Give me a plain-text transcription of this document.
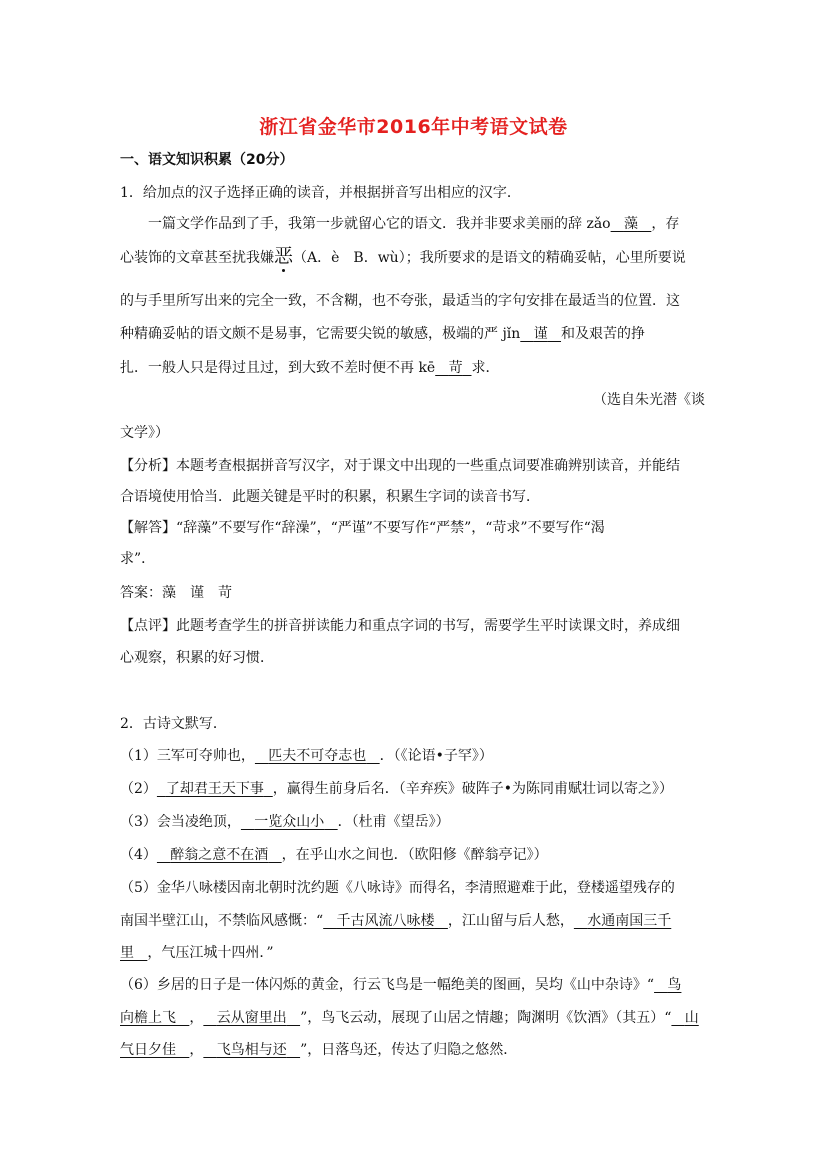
浙江省金华市2016年中考语文试卷
一、语文知识积累（20分）
1．给加点的汉子选择正确的读音，并根据拼音写出相应的汉字．
一篇文学作品到了手，我第一步就留心它的语文．我并非要求美丽的辞 zǎo 藻 ，存
心装饰的文章甚至扰我嫌恶（A．è　B．wù）；我所要求的是语文的精确妥帖，心里所要说
的与手里所写出来的完全一致，不含糊，也不夸张，最适当的字句安排在最适当的位置．这
种精确妥帖的语文颇不是易事，它需要尖锐的敏感，极端的严 jǐn 谨 和及艰苦的挣
扎．一般人只是得过且过，到大致不差时便不再 kē 苛 求．
（选自朱光潜《谈
文学》）
【分析】本题考查根据拼音写汉字，对于课文中出现的一些重点词要准确辨别读音，并能结
合语境使用恰当．此题关键是平时的积累，积累生字词的读音书写．
【解答】“辞藻”不要写作“辞澡”，“严谨”不要写作“严禁”，“苛求”不要写作“渴
求”．
答案：藻　谨　苛
【点评】此题考查学生的拼音拼读能力和重点字词的书写，需要学生平时读课文时，养成细
心观察，积累的好习惯．
2．古诗文默写．
（1）三军可夺帅也， 匹夫不可夺志也 ．（《论语•子罕》）
（2） 了却君王天下事 ，赢得生前身后名．（辛弃疾》破阵子•为陈同甫赋壮词以寄之》）
（3）会当凌绝顶， 一览众山小 ．（杜甫《望岳》）
（4） 醉翁之意不在酒 ，在乎山水之间也．（欧阳修《醉翁亭记》）
（5）金华八咏楼因南北朝时沈约题《八咏诗》而得名，李清照避难于此，登楼遥望残存的
南国半壁江山，不禁临风感慨：“ 千古风流八咏楼 ，江山留与后人愁， 水通南国三千
里 ，气压江城十四州．”
（6）乡居的日子是一体闪烁的黄金，行云飞鸟是一幅绝美的图画，吴均《山中杂诗》“ 鸟
向檐上飞 ， 云从窗里出 ”，鸟飞云动，展现了山居之情趣；陶渊明《饮酒》（其五）“ 山
气日夕佳 ， 飞鸟相与还 ”，日落鸟还，传达了归隐之悠然．
